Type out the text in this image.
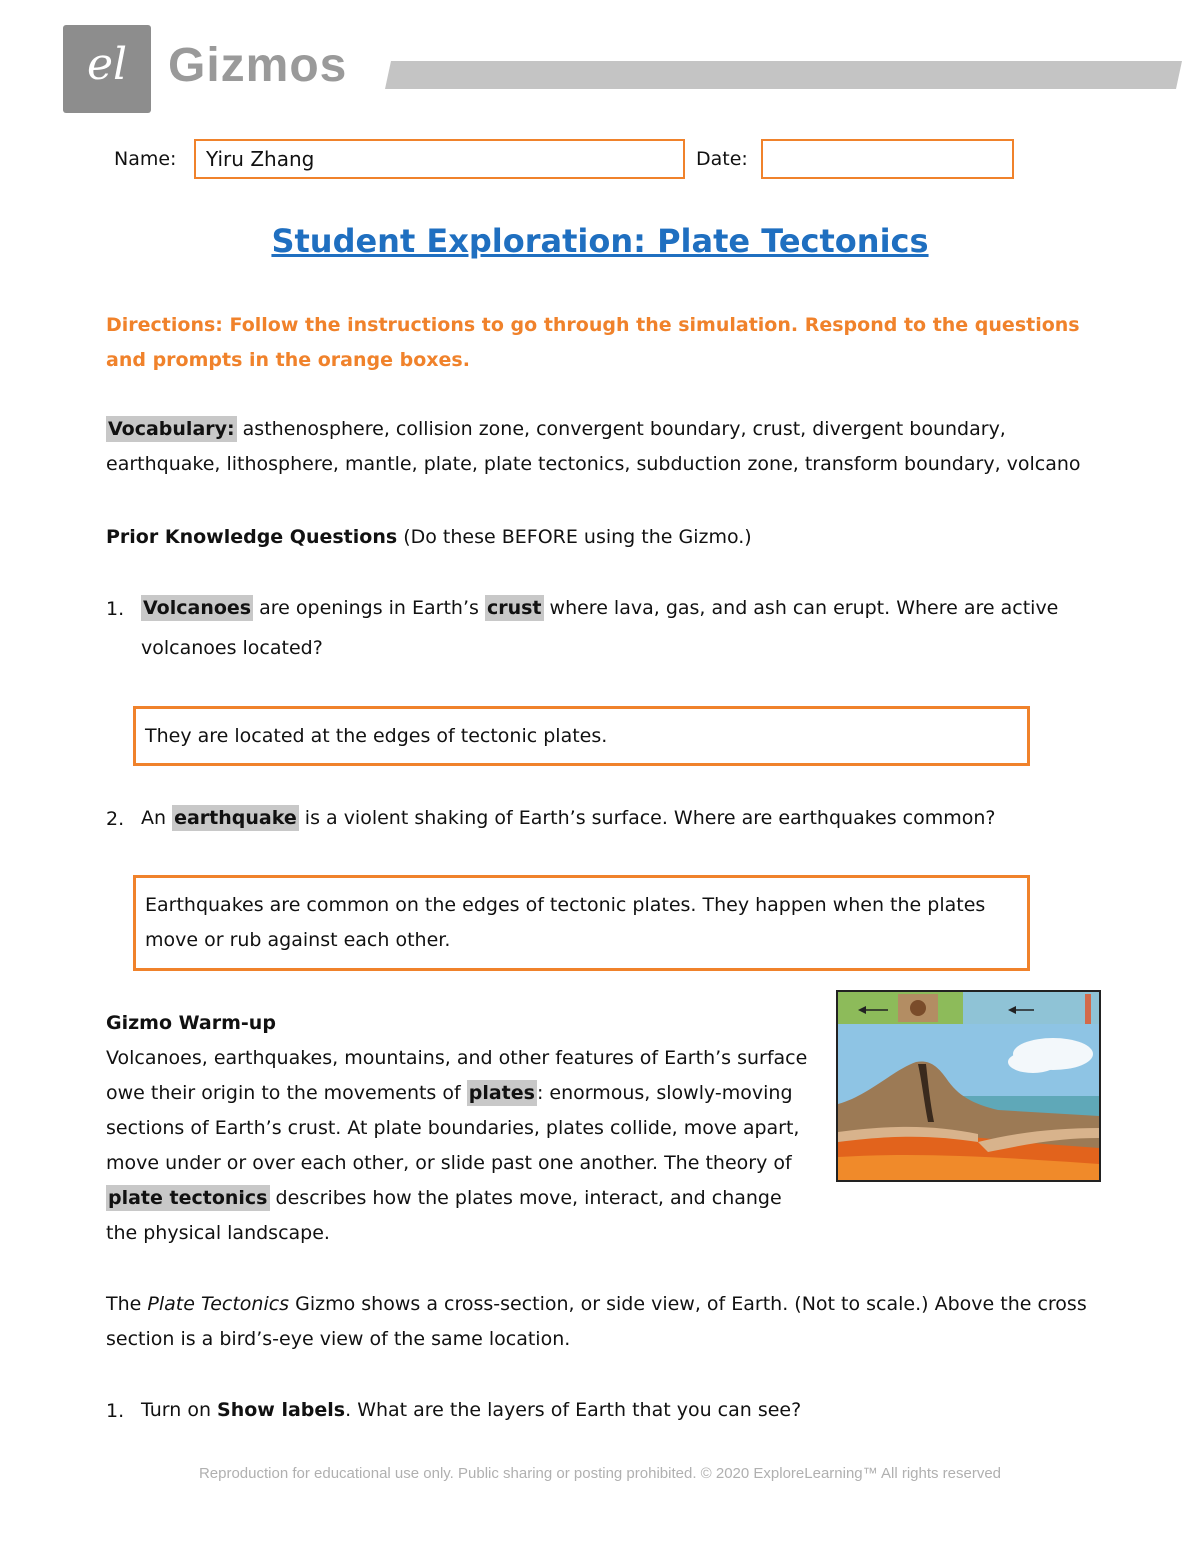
el Gizmos
Name:	Yiru Zhang	Date:
Student Exploration: Plate Tectonics
Directions: Follow the instructions to go through the simulation. Respond to the questions and prompts in the orange boxes.
Vocabulary: asthenosphere, collision zone, convergent boundary, crust, divergent boundary, earthquake, lithosphere, mantle, plate, plate tectonics, subduction zone, transform boundary, volcano
Prior Knowledge Questions (Do these BEFORE using the Gizmo.)
1. Volcanoes are openings in Earth’s crust where lava, gas, and ash can erupt. Where are active volcanoes located?
They are located at the edges of tectonic plates.
2. An earthquake is a violent shaking of Earth’s surface. Where are earthquakes common?
Earthquakes are common on the edges of tectonic plates. They happen when the plates move or rub against each other.
Gizmo Warm-up
Volcanoes, earthquakes, mountains, and other features of Earth’s surface owe their origin to the movements of plates : enormous, slowly-moving sections of Earth’s crust. At plate boundaries, plates collide, move apart, move under or over each other, or slide past one another. The theory of plate tectonics describes how the plates move, interact, and change the physical landscape.
The Plate Tectonics Gizmo shows a cross-section, or side view, of Earth. (Not to scale.) Above the cross section is a bird’s-eye view of the same location.
1. Turn on Show labels. What are the layers of Earth that you can see?
Reproduction for educational use only. Public sharing or posting prohibited. © 2020 ExploreLearning™ All rights reserved
